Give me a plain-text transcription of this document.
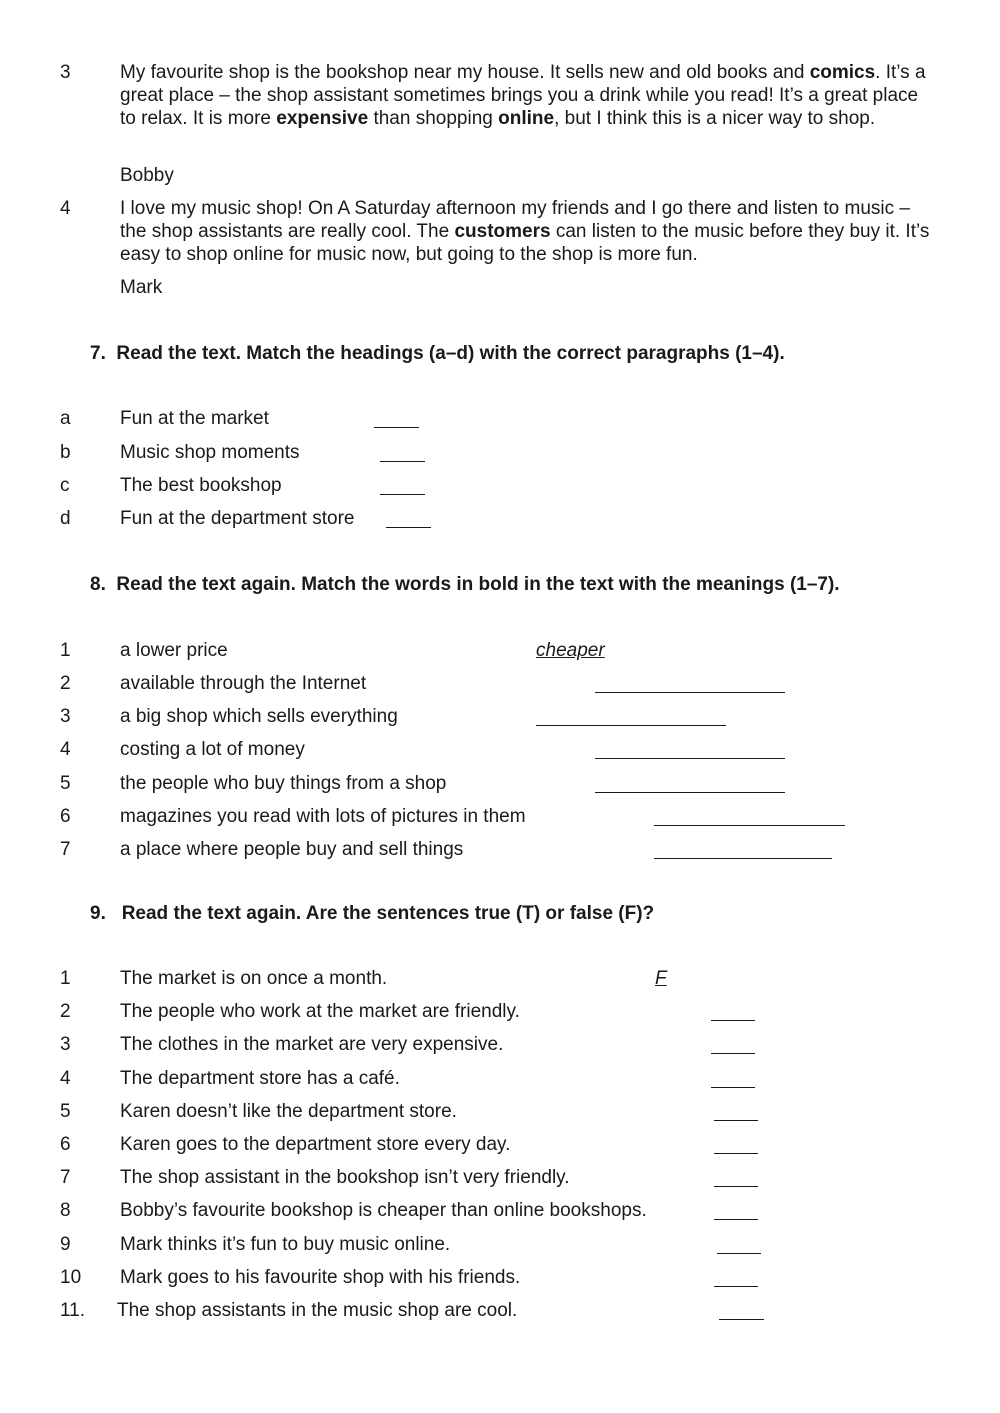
3	My favourite shop is the bookshop near my house. It sells new and old books and comics. It’s a great place – the shop assistant sometimes brings you a drink while you read! It’s a great place to relax. It is more expensive than shopping online, but I think this is a nicer way to shop.
Bobby
4	I love my music shop! On A Saturday afternoon my friends and I go there and listen to music – the shop assistants are really cool. The customers can listen to the music before they buy it. It’s easy to shop online for music now, but going to the shop is more fun.
Mark
7. Read the text. Match the headings (a–d) with the correct paragraphs (1–4).
a	Fun at the market
b	Music shop moments
c	The best bookshop
d	Fun at the department store
8. Read the text again. Match the words in bold in the text with the meanings (1–7).
1	a lower price	cheaper
2	available through the Internet
3	a big shop which sells everything
4	costing a lot of money
5	the people who buy things from a shop
6	magazines you read with lots of pictures in them
7	a place where people buy and sell things
9. Read the text again. Are the sentences true (T) or false (F)?
1	The market is on once a month.	F
2	The people who work at the market are friendly.
3	The clothes in the market are very expensive.
4	The department store has a café.
5	Karen doesn’t like the department store.
6	Karen goes to the department store every day.
7	The shop assistant in the bookshop isn’t very friendly.
8	Bobby’s favourite bookshop is cheaper than online bookshops.
9	Mark thinks it’s fun to buy music online.
10 Mark goes to his favourite shop with his friends.
11. The shop assistants in the music shop are cool.
